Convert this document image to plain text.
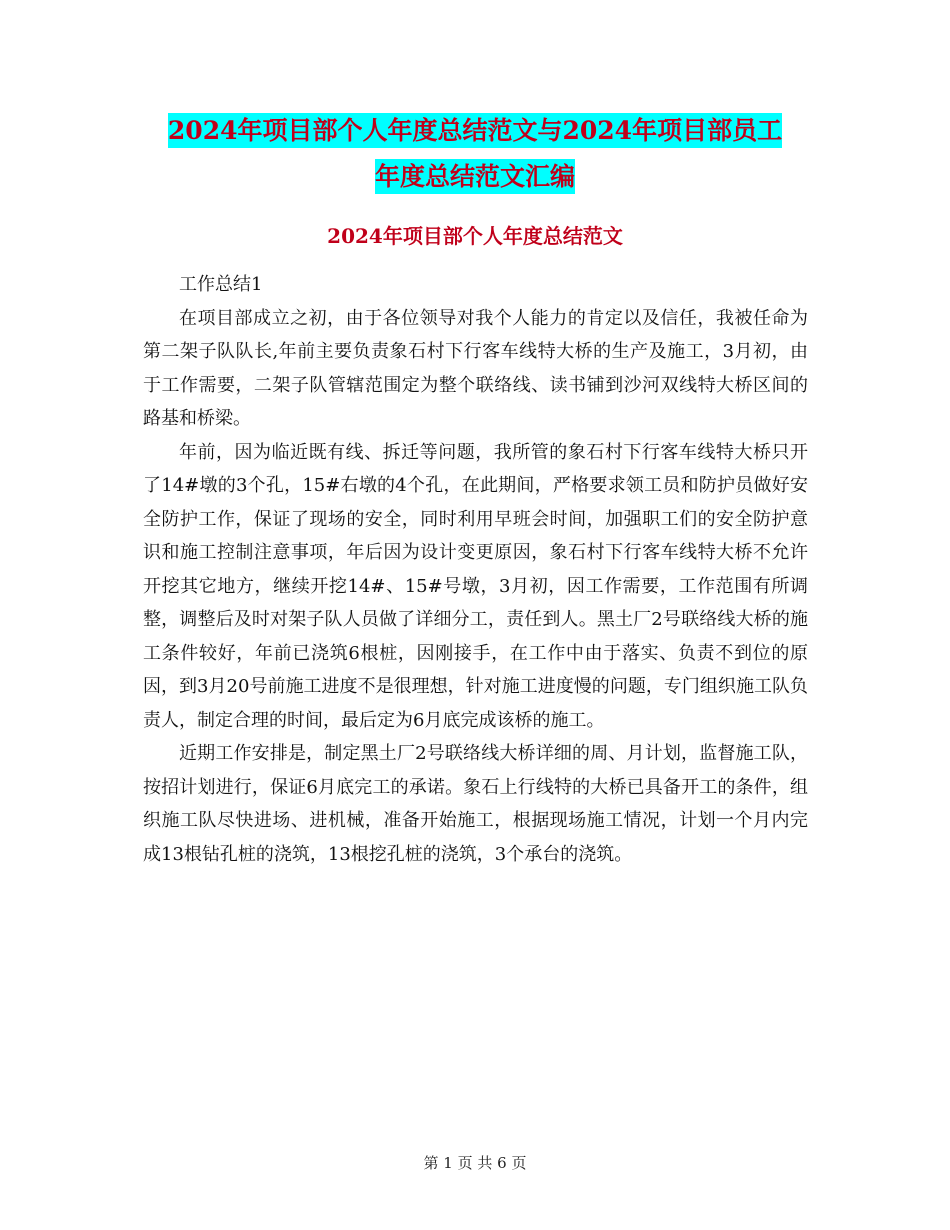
2024年项目部个人年度总结范文与2024年项目部员工
年度总结范文汇编
2024年项目部个人年度总结范文

工作总结1

在项目部成立之初，由于各位领导对我个人能力的肯定以及信任，我被任命为第二架子队队长,年前主要负责象石村下行客车线特大桥的生产及施工，3月初，由于工作需要，二架子队管辖范围定为整个联络线、读书铺到沙河双线特大桥区间的路基和桥梁。

年前，因为临近既有线、拆迁等问题，我所管的象石村下行客车线特大桥只开了14#墩的3个孔，15#右墩的4个孔，在此期间，严格要求领工员和防护员做好安全防护工作，保证了现场的安全，同时利用早班会时间，加强职工们的安全防护意识和施工控制注意事项，年后因为设计变更原因，象石村下行客车线特大桥不允许开挖其它地方，继续开挖14#、15#号墩，3月初，因工作需要，工作范围有所调整，调整后及时对架子队人员做了详细分工，责任到人。黑土厂2号联络线大桥的施工条件较好，年前已浇筑6根桩，因刚接手，在工作中由于落实、负责不到位的原因，到3月20号前施工进度不是很理想，针对施工进度慢的问题，专门组织施工队负责人，制定合理的时间，最后定为6月底完成该桥的施工。

近期工作安排是，制定黑土厂2号联络线大桥详细的周、月计划，监督施工队，按招计划进行，保证6月底完工的承诺。象石上行线特的大桥已具备开工的条件，组织施工队尽快进场、进机械，准备开始施工，根据现场施工情况，计划一个月内完成13根钻孔桩的浇筑，13根挖孔桩的浇筑，3个承台的浇筑。

第 1 页 共 6 页
